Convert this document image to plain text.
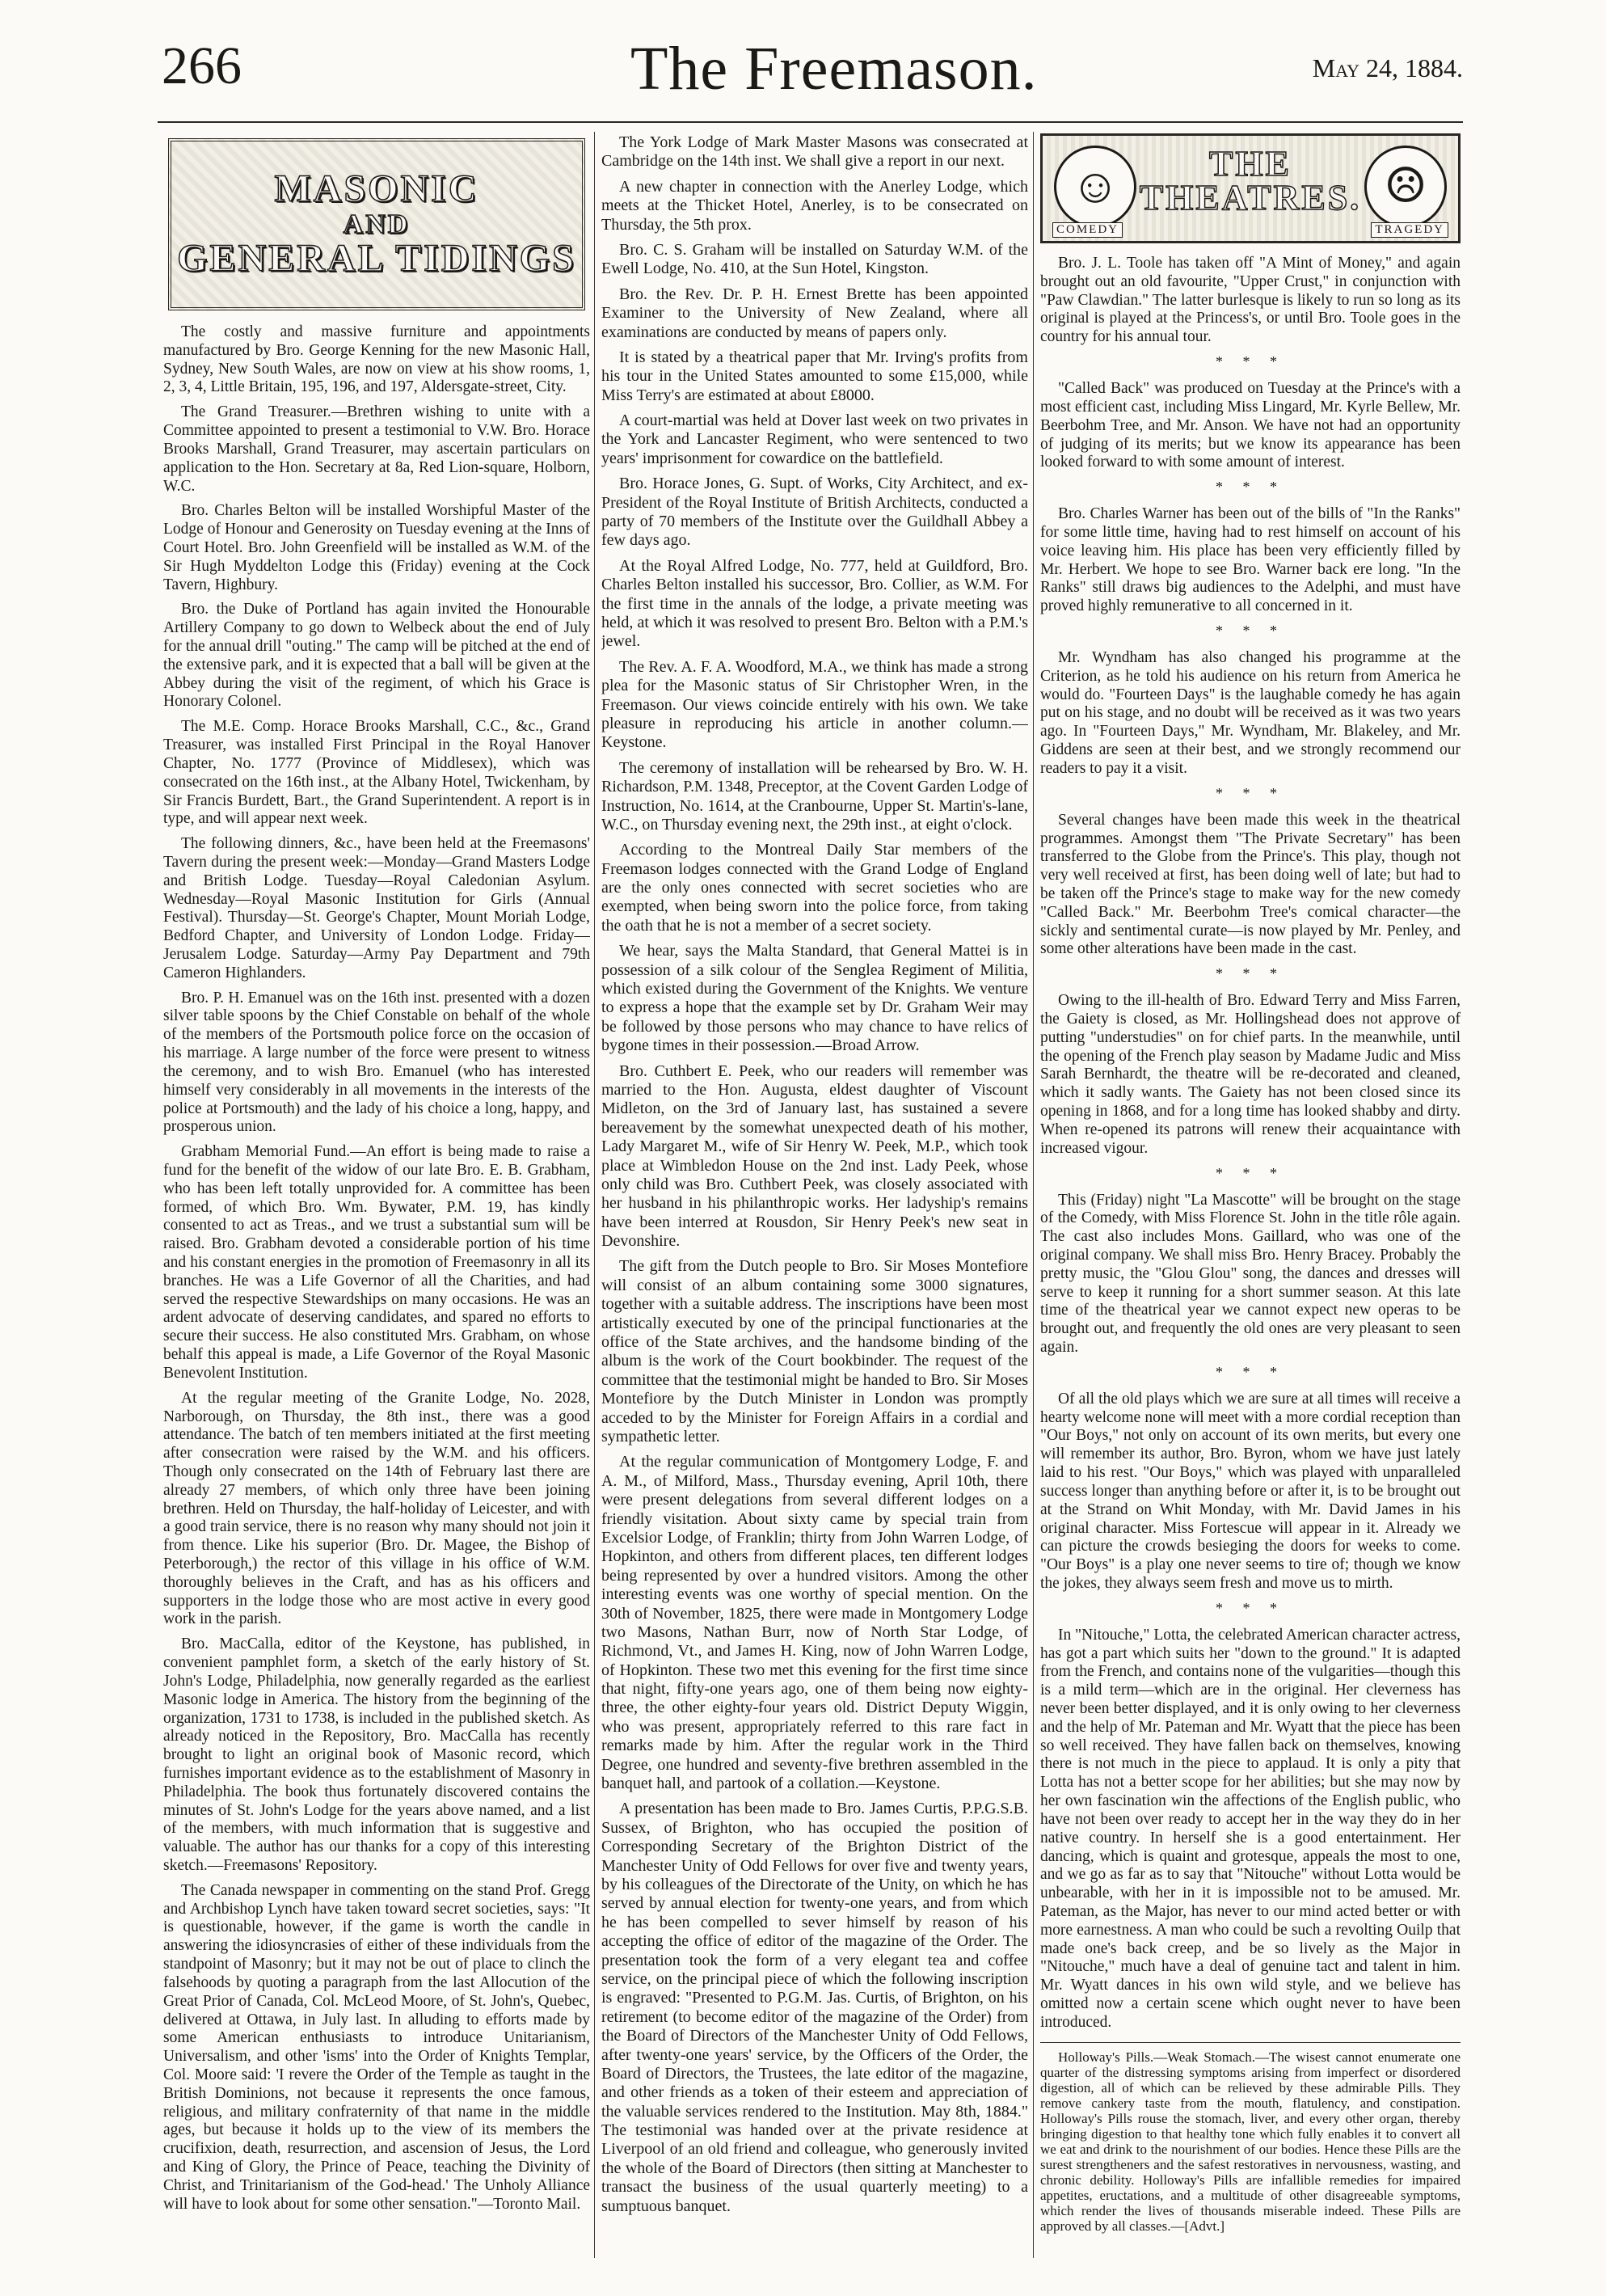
266	The Freemason.	May 24, 1884.
MASONIC
AND
GENERAL TIDINGS

The costly and massive furniture and appointments manufactured by Bro. George Kenning for the new Masonic Hall, Sydney, New South Wales, are now on view at his show rooms, 1, 2, 3, 4, Little Britain, 195, 196, and 197, Aldersgate-street, City.

The Grand Treasurer.—Brethren wishing to unite with a Committee appointed to present a testimonial to V.W. Bro. Horace Brooks Marshall, Grand Treasurer, may ascertain particulars on application to the Hon. Secretary at 8a, Red Lion-square, Holborn, W.C.

Bro. Charles Belton will be installed Worshipful Master of the Lodge of Honour and Generosity on Tuesday evening at the Inns of Court Hotel. Bro. John Greenfield will be installed as W.M. of the Sir Hugh Myddelton Lodge this (Friday) evening at the Cock Tavern, Highbury.

Bro. the Duke of Portland has again invited the Honourable Artillery Company to go down to Welbeck about the end of July for the annual drill "outing." The camp will be pitched at the end of the extensive park, and it is expected that a ball will be given at the Abbey during the visit of the regiment, of which his Grace is Honorary Colonel.

The M.E. Comp. Horace Brooks Marshall, C.C., &c., Grand Treasurer, was installed First Principal in the Royal Hanover Chapter, No. 1777 (Province of Middlesex), which was consecrated on the 16th inst., at the Albany Hotel, Twickenham, by Sir Francis Burdett, Bart., the Grand Superintendent. A report is in type, and will appear next week.

The following dinners, &c., have been held at the Freemasons' Tavern during the present week:—Monday—Grand Masters Lodge and British Lodge. Tuesday—Royal Caledonian Asylum. Wednesday—Royal Masonic Institution for Girls (Annual Festival). Thursday—St. George's Chapter, Mount Moriah Lodge, Bedford Chapter, and University of London Lodge. Friday—Jerusalem Lodge. Saturday—Army Pay Department and 79th Cameron Highlanders.

Bro. P. H. Emanuel was on the 16th inst. presented with a dozen silver table spoons by the Chief Constable on behalf of the whole of the members of the Portsmouth police force on the occasion of his marriage. A large number of the force were present to witness the ceremony, and to wish Bro. Emanuel (who has interested himself very considerably in all movements in the interests of the police at Portsmouth) and the lady of his choice a long, happy, and prosperous union.

Grabham Memorial Fund.—An effort is being made to raise a fund for the benefit of the widow of our late Bro. E. B. Grabham, who has been left totally unprovided for. A committee has been formed, of which Bro. Wm. Bywater, P.M. 19, has kindly consented to act as Treas., and we trust a substantial sum will be raised. Bro. Grabham devoted a considerable portion of his time and his constant energies in the promotion of Freemasonry in all its branches. He was a Life Governor of all the Charities, and had served the respective Stewardships on many occasions. He was an ardent advocate of deserving candidates, and spared no efforts to secure their success. He also constituted Mrs. Grabham, on whose behalf this appeal is made, a Life Governor of the Royal Masonic Benevolent Institution.

At the regular meeting of the Granite Lodge, No. 2028, Narborough, on Thursday, the 8th inst., there was a good attendance. The batch of ten members initiated at the first meeting after consecration were raised by the W.M. and his officers. Though only consecrated on the 14th of February last there are already 27 members, of which only three have been joining brethren. Held on Thursday, the half-holiday of Leicester, and with a good train service, there is no reason why many should not join it from thence. Like his superior (Bro. Dr. Magee, the Bishop of Peterborough,) the rector of this village in his office of W.M. thoroughly believes in the Craft, and has as his officers and supporters in the lodge those who are most active in every good work in the parish.

Bro. MacCalla, editor of the Keystone, has published, in convenient pamphlet form, a sketch of the early history of St. John's Lodge, Philadelphia, now generally regarded as the earliest Masonic lodge in America. The history from the beginning of the organization, 1731 to 1738, is included in the published sketch. As already noticed in the Repository, Bro. MacCalla has recently brought to light an original book of Masonic record, which furnishes important evidence as to the establishment of Masonry in Philadelphia. The book thus fortunately discovered contains the minutes of St. John's Lodge for the years above named, and a list of the members, with much information that is suggestive and valuable. The author has our thanks for a copy of this interesting sketch.—Freemasons' Repository.

The Canada newspaper in commenting on the stand Prof. Gregg and Archbishop Lynch have taken toward secret societies, says: "It is questionable, however, if the game is worth the candle in answering the idiosyncrasies of either of these individuals from the standpoint of Masonry; but it may not be out of place to clinch the falsehoods by quoting a paragraph from the last Allocution of the Great Prior of Canada, Col. McLeod Moore, of St. John's, Quebec, delivered at Ottawa, in July last. In alluding to efforts made by some American enthusiasts to introduce Unitarianism, Universalism, and other 'isms' into the Order of Knights Templar, Col. Moore said: 'I revere the Order of the Temple as taught in the British Dominions, not because it represents the once famous, religious, and military confraternity of that name in the middle ages, but because it holds up to the view of its members the crucifixion, death, resurrection, and ascension of Jesus, the Lord and King of Glory, the Prince of Peace, teaching the Divinity of Christ, and Trinitarianism of the God-head.' The Unholy Alliance will have to look about for some other sensation."—Toronto Mail.

The York Lodge of Mark Master Masons was consecrated at Cambridge on the 14th inst. We shall give a report in our next.

A new chapter in connection with the Anerley Lodge, which meets at the Thicket Hotel, Anerley, is to be consecrated on Thursday, the 5th prox.

Bro. C. S. Graham will be installed on Saturday W.M. of the Ewell Lodge, No. 410, at the Sun Hotel, Kingston.

Bro. the Rev. Dr. P. H. Ernest Brette has been appointed Examiner to the University of New Zealand, where all examinations are conducted by means of papers only.

It is stated by a theatrical paper that Mr. Irving's profits from his tour in the United States amounted to some £15,000, while Miss Terry's are estimated at about £8000.

A court-martial was held at Dover last week on two privates in the York and Lancaster Regiment, who were sentenced to two years' imprisonment for cowardice on the battlefield.

Bro. Horace Jones, G. Supt. of Works, City Architect, and ex-President of the Royal Institute of British Architects, conducted a party of 70 members of the Institute over the Guildhall Abbey a few days ago.

At the Royal Alfred Lodge, No. 777, held at Guildford, Bro. Charles Belton installed his successor, Bro. Collier, as W.M. For the first time in the annals of the lodge, a private meeting was held, at which it was resolved to present Bro. Belton with a P.M.'s jewel.

The Rev. A. F. A. Woodford, M.A., we think has made a strong plea for the Masonic status of Sir Christopher Wren, in the Freemason. Our views coincide entirely with his own. We take pleasure in reproducing his article in another column.—Keystone.

The ceremony of installation will be rehearsed by Bro. W. H. Richardson, P.M. 1348, Preceptor, at the Covent Garden Lodge of Instruction, No. 1614, at the Cranbourne, Upper St. Martin's-lane, W.C., on Thursday evening next, the 29th inst., at eight o'clock.

According to the Montreal Daily Star members of the Freemason lodges connected with the Grand Lodge of England are the only ones connected with secret societies who are exempted, when being sworn into the police force, from taking the oath that he is not a member of a secret society.

We hear, says the Malta Standard, that General Mattei is in possession of a silk colour of the Senglea Regiment of Militia, which existed during the Government of the Knights. We venture to express a hope that the example set by Dr. Graham Weir may be followed by those persons who may chance to have relics of bygone times in their possession.—Broad Arrow.

Bro. Cuthbert E. Peek, who our readers will remember was married to the Hon. Augusta, eldest daughter of Viscount Midleton, on the 3rd of January last, has sustained a severe bereavement by the somewhat unexpected death of his mother, Lady Margaret M., wife of Sir Henry W. Peek, M.P., which took place at Wimbledon House on the 2nd inst. Lady Peek, whose only child was Bro. Cuthbert Peek, was closely associated with her husband in his philanthropic works. Her ladyship's remains have been interred at Rousdon, Sir Henry Peek's new seat in Devonshire.

The gift from the Dutch people to Bro. Sir Moses Montefiore will consist of an album containing some 3000 signatures, together with a suitable address. The inscriptions have been most artistically executed by one of the principal functionaries at the office of the State archives, and the handsome binding of the album is the work of the Court bookbinder. The request of the committee that the testimonial might be handed to Bro. Sir Moses Montefiore by the Dutch Minister in London was promptly acceded to by the Minister for Foreign Affairs in a cordial and sympathetic letter.

At the regular communication of Montgomery Lodge, F. and A. M., of Milford, Mass., Thursday evening, April 10th, there were present delegations from several different lodges on a friendly visitation. About sixty came by special train from Excelsior Lodge, of Franklin; thirty from John Warren Lodge, of Hopkinton, and others from different places, ten different lodges being represented by over a hundred visitors. Among the other interesting events was one worthy of special mention. On the 30th of November, 1825, there were made in Montgomery Lodge two Masons, Nathan Burr, now of North Star Lodge, of Richmond, Vt., and James H. King, now of John Warren Lodge, of Hopkinton. These two met this evening for the first time since that night, fifty-one years ago, one of them being now eighty-three, the other eighty-four years old. District Deputy Wiggin, who was present, appropriately referred to this rare fact in remarks made by him. After the regular work in the Third Degree, one hundred and seventy-five brethren assembled in the banquet hall, and partook of a collation.—Keystone.

A presentation has been made to Bro. James Curtis, P.P.G.S.B. Sussex, of Brighton, who has occupied the position of Corresponding Secretary of the Brighton District of the Manchester Unity of Odd Fellows for over five and twenty years, by his colleagues of the Directorate of the Unity, on which he has served by annual election for twenty-one years, and from which he has been compelled to sever himself by reason of his accepting the office of editor of the magazine of the Order. The presentation took the form of a very elegant tea and coffee service, on the principal piece of which the following inscription is engraved: "Presented to P.G.M. Jas. Curtis, of Brighton, on his retirement (to become editor of the magazine of the Order) from the Board of Directors of the Manchester Unity of Odd Fellows, after twenty-one years' service, by the Officers of the Order, the Board of Directors, the Trustees, the late editor of the magazine, and other friends as a token of their esteem and appreciation of the valuable services rendered to the Institution. May 8th, 1884." The testimonial was handed over at the private residence at Liverpool of an old friend and colleague, who generously invited the whole of the Board of Directors (then sitting at Manchester to transact the business of the usual quarterly meeting) to a sumptuous banquet.

☺	☹
THE
THEATRES.
COMEDY	TRAGEDY

Bro. J. L. Toole has taken off "A Mint of Money," and again brought out an old favourite, "Upper Crust," in conjunction with "Paw Clawdian." The latter burlesque is likely to run so long as its original is played at the Princess's, or until Bro. Toole goes in the country for his annual tour.

* * *

"Called Back" was produced on Tuesday at the Prince's with a most efficient cast, including Miss Lingard, Mr. Kyrle Bellew, Mr. Beerbohm Tree, and Mr. Anson. We have not had an opportunity of judging of its merits; but we know its appearance has been looked forward to with some amount of interest.

* * *

Bro. Charles Warner has been out of the bills of "In the Ranks" for some little time, having had to rest himself on account of his voice leaving him. His place has been very efficiently filled by Mr. Herbert. We hope to see Bro. Warner back ere long. "In the Ranks" still draws big audiences to the Adelphi, and must have proved highly remunerative to all concerned in it.

* * *

Mr. Wyndham has also changed his programme at the Criterion, as he told his audience on his return from America he would do. "Fourteen Days" is the laughable comedy he has again put on his stage, and no doubt will be received as it was two years ago. In "Fourteen Days," Mr. Wyndham, Mr. Blakeley, and Mr. Giddens are seen at their best, and we strongly recommend our readers to pay it a visit.

* * *

Several changes have been made this week in the theatrical programmes. Amongst them "The Private Secretary" has been transferred to the Globe from the Prince's. This play, though not very well received at first, has been doing well of late; but had to be taken off the Prince's stage to make way for the new comedy "Called Back." Mr. Beerbohm Tree's comical character—the sickly and sentimental curate—is now played by Mr. Penley, and some other alterations have been made in the cast.

* * *

Owing to the ill-health of Bro. Edward Terry and Miss Farren, the Gaiety is closed, as Mr. Hollingshead does not approve of putting "understudies" on for chief parts. In the meanwhile, until the opening of the French play season by Madame Judic and Miss Sarah Bernhardt, the theatre will be re-decorated and cleaned, which it sadly wants. The Gaiety has not been closed since its opening in 1868, and for a long time has looked shabby and dirty. When re-opened its patrons will renew their acquaintance with increased vigour.

* * *

This (Friday) night "La Mascotte" will be brought on the stage of the Comedy, with Miss Florence St. John in the title rôle again. The cast also includes Mons. Gaillard, who was one of the original company. We shall miss Bro. Henry Bracey. Probably the pretty music, the "Glou Glou" song, the dances and dresses will serve to keep it running for a short summer season. At this late time of the theatrical year we cannot expect new operas to be brought out, and frequently the old ones are very pleasant to seen again.

* * *

Of all the old plays which we are sure at all times will receive a hearty welcome none will meet with a more cordial reception than "Our Boys," not only on account of its own merits, but every one will remember its author, Bro. Byron, whom we have just lately laid to his rest. "Our Boys," which was played with unparalleled success longer than anything before or after it, is to be brought out at the Strand on Whit Monday, with Mr. David James in his original character. Miss Fortescue will appear in it. Already we can picture the crowds besieging the doors for weeks to come. "Our Boys" is a play one never seems to tire of; though we know the jokes, they always seem fresh and move us to mirth.

* * *

In "Nitouche," Lotta, the celebrated American character actress, has got a part which suits her "down to the ground." It is adapted from the French, and contains none of the vulgarities—though this is a mild term—which are in the original. Her cleverness has never been better displayed, and it is only owing to her cleverness and the help of Mr. Pateman and Mr. Wyatt that the piece has been so well received. They have fallen back on themselves, knowing there is not much in the piece to applaud. It is only a pity that Lotta has not a better scope for her abilities; but she may now by her own fascination win the affections of the English public, who have not been over ready to accept her in the way they do in her native country. In herself she is a good entertainment. Her dancing, which is quaint and grotesque, appeals the most to one, and we go as far as to say that "Nitouche" without Lotta would be unbearable, with her in it is impossible not to be amused. Mr. Pateman, as the Major, has never to our mind acted better or with more earnestness. A man who could be such a revolting Ouilp that made one's back creep, and be so lively as the Major in "Nitouche," much have a deal of genuine tact and talent in him. Mr. Wyatt dances in his own wild style, and we believe has omitted now a certain scene which ought never to have been introduced.

Holloway's Pills.—Weak Stomach.—The wisest cannot enumerate one quarter of the distressing symptoms arising from imperfect or disordered digestion, all of which can be relieved by these admirable Pills. They remove cankery taste from the mouth, flatulency, and constipation. Holloway's Pills rouse the stomach, liver, and every other organ, thereby bringing digestion to that healthy tone which fully enables it to convert all we eat and drink to the nourishment of our bodies. Hence these Pills are the surest strengtheners and the safest restoratives in nervousness, wasting, and chronic debility. Holloway's Pills are infallible remedies for impaired appetites, eructations, and a multitude of other disagreeable symptoms, which render the lives of thousands miserable indeed. These Pills are approved by all classes.—[Advt.]
